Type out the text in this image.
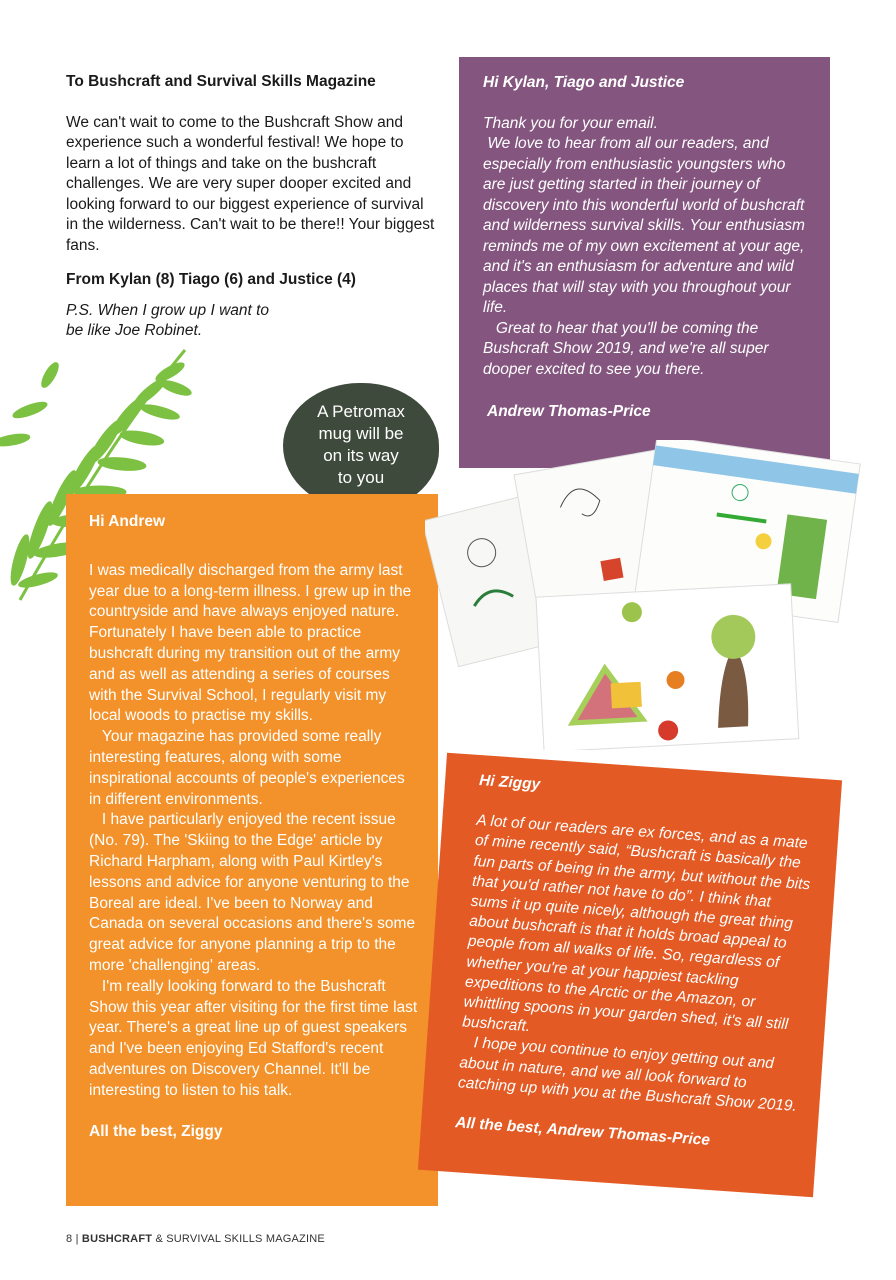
To Bushcraft and Survival Skills Magazine
We can't wait to come to the Bushcraft Show and experience such a wonderful festival! We hope to learn a lot of things and take on the bushcraft challenges. We are very super dooper excited and looking forward to our biggest experience of survival in the wilderness. Can't wait to be there!! Your biggest fans.
From Kylan (8) Tiago (6) and Justice (4)
P.S. When I grow up I want to be like Joe Robinet.
Hi Kylan, Tiago and Justice

Thank you for your email.

We love to hear from all our readers, and especially from enthusiastic youngsters who are just getting started in their journey of discovery into this wonderful world of bushcraft and wilderness survival skills. Your enthusiasm reminds me of my own excitement at your age, and it's an enthusiasm for adventure and wild places that will stay with you throughout your life.

Great to hear that you'll be coming the Bushcraft Show 2019, and we're all super dooper excited to see you there.

Andrew Thomas-Price
A Petromax
mug will be
on its way
to you
Hi Andrew

I was medically discharged from the army last year due to a long-term illness. I grew up in the countryside and have always enjoyed nature. Fortunately I have been able to practice bushcraft during my transition out of the army and as well as attending a series of courses with the Survival School, I regularly visit my local woods to practise my skills.

Your magazine has provided some really interesting features, along with some inspirational accounts of people's experiences in different environments.

I have particularly enjoyed the recent issue (No. 79). The 'Skiing to the Edge' article by Richard Harpham, along with Paul Kirtley's lessons and advice for anyone venturing to the Boreal are ideal. I've been to Norway and Canada on several occasions and there's some great advice for anyone planning a trip to the more 'challenging' areas.

I'm really looking forward to the Bushcraft Show this year after visiting for the first time last year. There's a great line up of guest speakers and I've been enjoying Ed Stafford's recent adventures on Discovery Channel. It'll be interesting to listen to his talk.

All the best, Ziggy
Hi Ziggy

A lot of our readers are ex forces, and as a mate of mine recently said, “Bushcraft is basically the fun parts of being in the army, but without the bits that you'd rather not have to do”. I think that sums it up quite nicely, although the great thing about bushcraft is that it holds broad appeal to people from all walks of life. So, regardless of whether you're at your happiest tackling expeditions to the Arctic or the Amazon, or whittling spoons in your garden shed, it's all still bushcraft.

I hope you continue to enjoy getting out and about in nature, and we all look forward to catching up with you at the Bushcraft Show 2019.

All the best, Andrew Thomas-Price
8 | BUSHCRAFT & SURVIVAL SKILLS MAGAZINE
